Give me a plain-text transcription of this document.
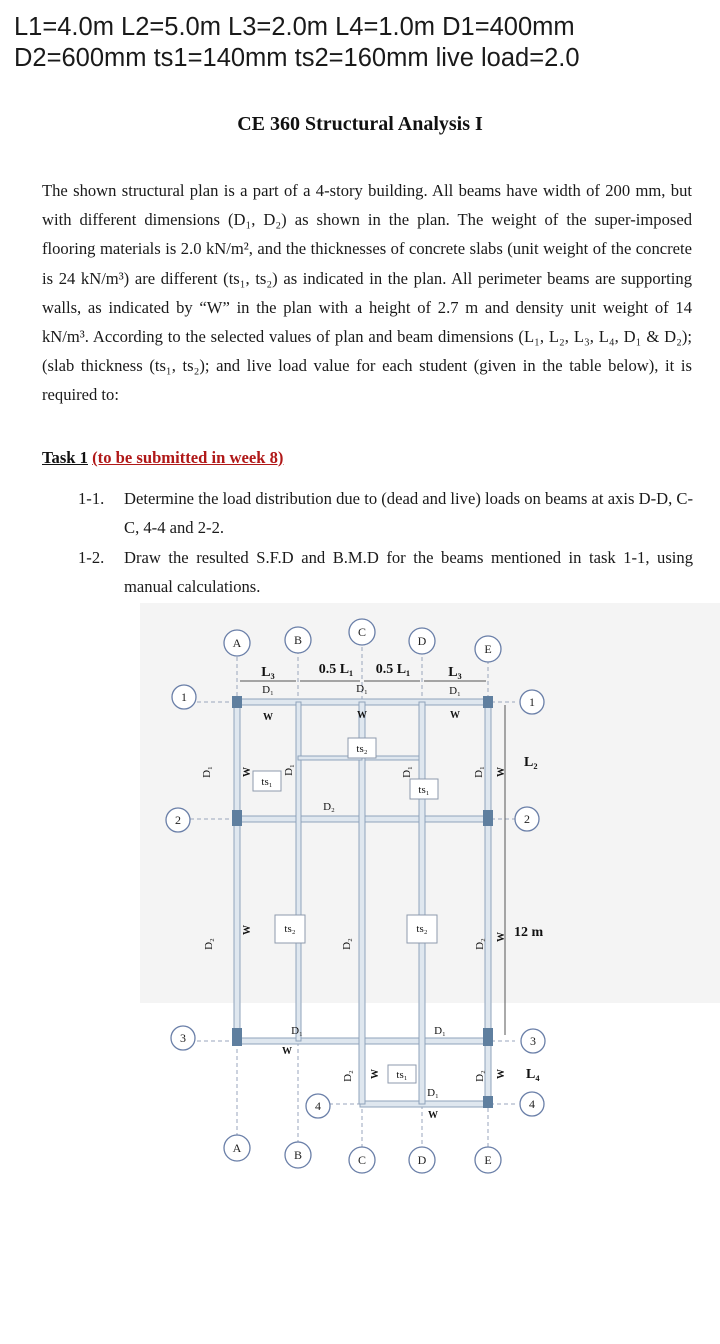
L1=4.0m L2=5.0m L3=2.0m L4=1.0m D1=400mm
D2=600mm ts1=140mm ts2=160mm live load=2.0
CE 360 Structural Analysis I
The shown structural plan is a part of a 4-story building. All beams have width of 200 mm, but with different dimensions (D₁, D₂) as shown in the plan. The weight of the super-imposed flooring materials is 2.0 kN/m², and the thicknesses of concrete slabs (unit weight of the concrete is 24 kN/m³) are different (ts₁, ts₂) as indicated in the plan. All perimeter beams are supporting walls, as indicated by “W” in the plan with a height of 2.7 m and density unit weight of 14 kN/m³. According to the selected values of plan and beam dimensions (L₁, L₂, L₃, L₄, D₁ & D₂); (slab thickness (ts₁, ts₂); and live load value for each student (given in the table below), it is required to:
Task 1 (to be submitted in week 8)
1-1. Determine the load distribution due to (dead and live) loads on beams at axis D-D, C-C, 4-4 and 2-2.
1-2. Draw the resulted S.F.D and B.M.D for the beams mentioned in task 1-1, using manual calculations.
A	B
C
D
E
A	B	C	D	E
1
2
3
1
2
3
4
4
L₃	0.5 L₁ 0.5 L₁	L₃
L₂
12 m
L₄
D₁	D₁	D₁
D₂
D₁	D₁
D₁
D₁	D₁	D₁	D₁
D₂	D₂	D₂
D₂	D₂
W	W	W
W
W
W	W
W
W
W	W
ts₂
ts₁
ts₁
ts₂	ts₂
ts₁
